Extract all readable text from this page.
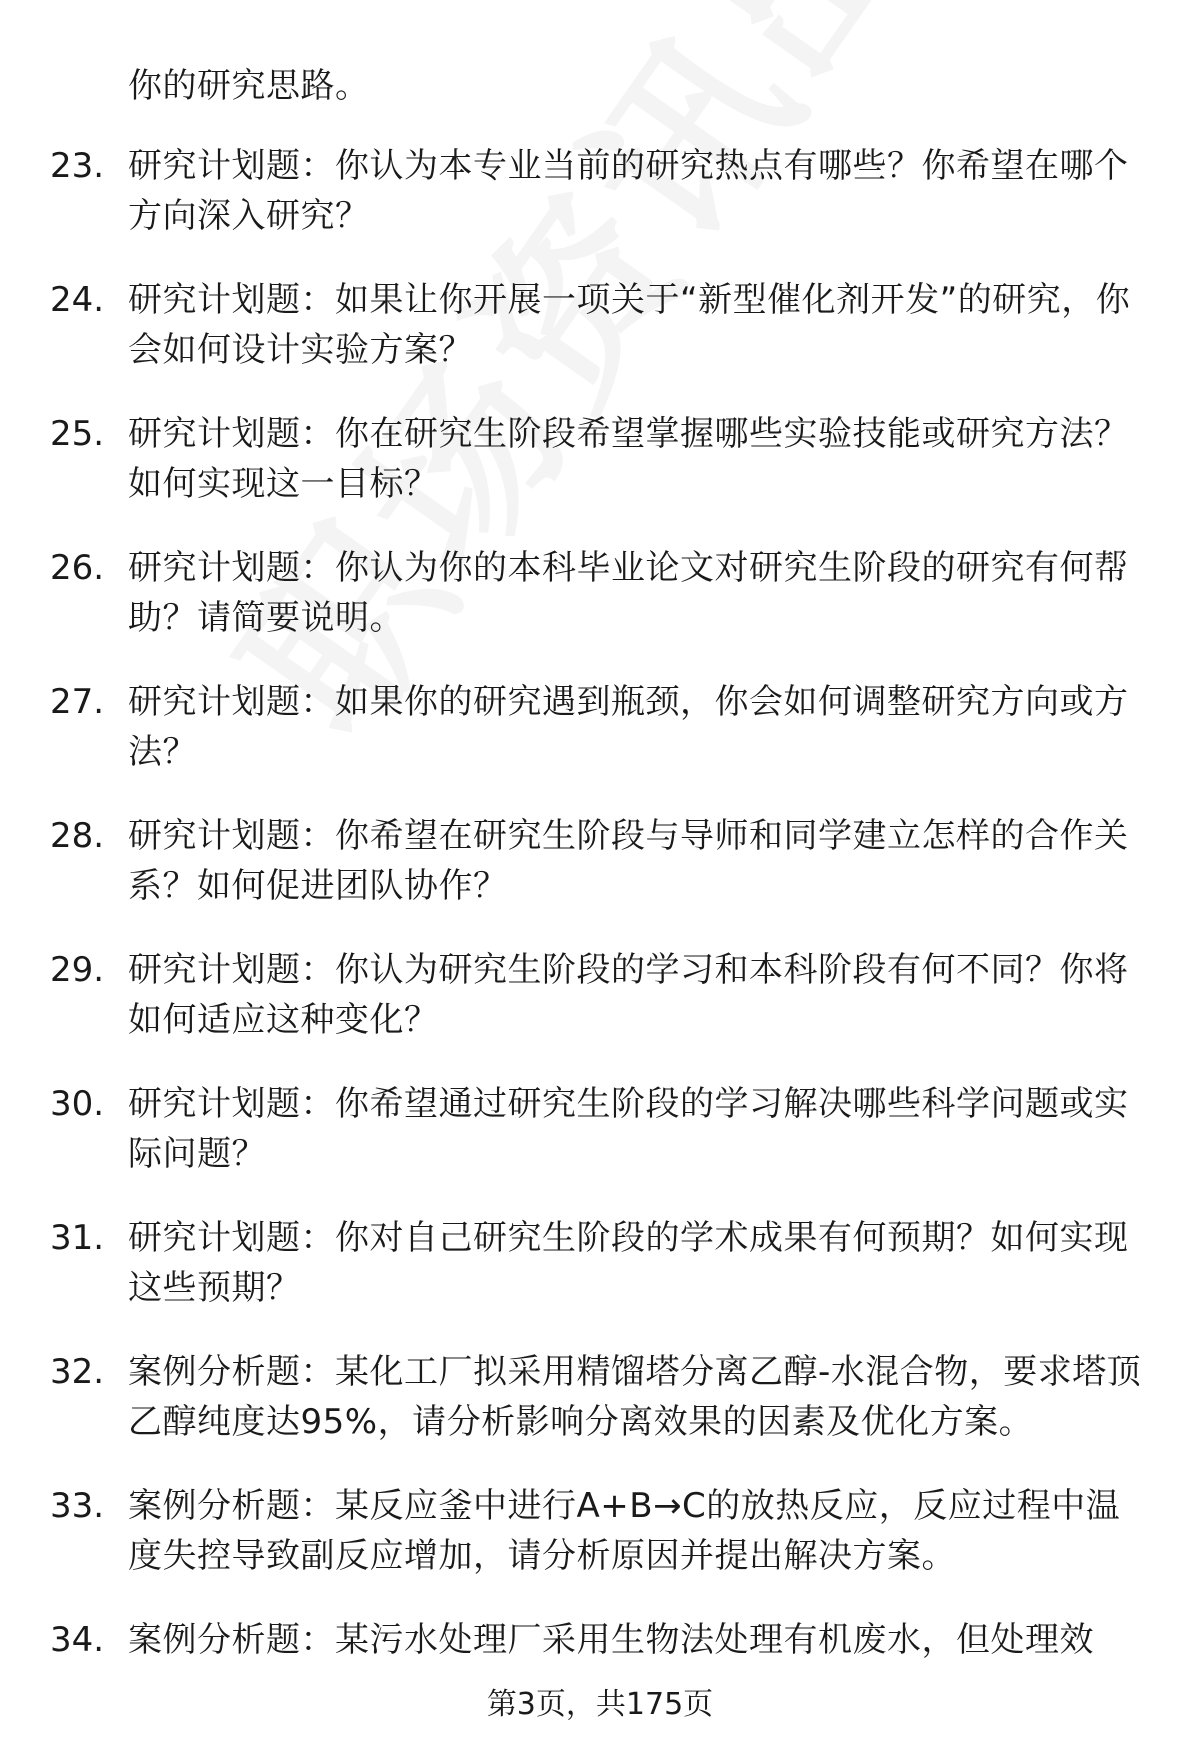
你的研究思路。
23. 研究计划题：你认为本专业当前的研究热点有哪些？你希望在哪个方向深入研究？
24. 研究计划题：如果让你开展一项关于“新型催化剂开发”的研究，你会如何设计实验方案？
25. 研究计划题：你在研究生阶段希望掌握哪些实验技能或研究方法？如何实现这一目标？
26. 研究计划题：你认为你的本科毕业论文对研究生阶段的研究有何帮助？请简要说明。
27. 研究计划题：如果你的研究遇到瓶颈，你会如何调整研究方向或方法？
28. 研究计划题：你希望在研究生阶段与导师和同学建立怎样的合作关系？如何促进团队协作？
29. 研究计划题：你认为研究生阶段的学习和本科阶段有何不同？你将如何适应这种变化？
30. 研究计划题：你希望通过研究生阶段的学习解决哪些科学问题或实际问题？
31. 研究计划题：你对自己研究生阶段的学术成果有何预期？如何实现这些预期？
32. 案例分析题：某化工厂拟采用精馏塔分离乙醇-水混合物，要求塔顶乙醇纯度达95%，请分析影响分离效果的因素及优化方案。
33. 案例分析题：某反应釜中进行A+B→C的放热反应，反应过程中温度失控导致副反应增加，请分析原因并提出解决方案。
34. 案例分析题：某污水处理厂采用生物法处理有机废水，但处理效
第3页，共175页
